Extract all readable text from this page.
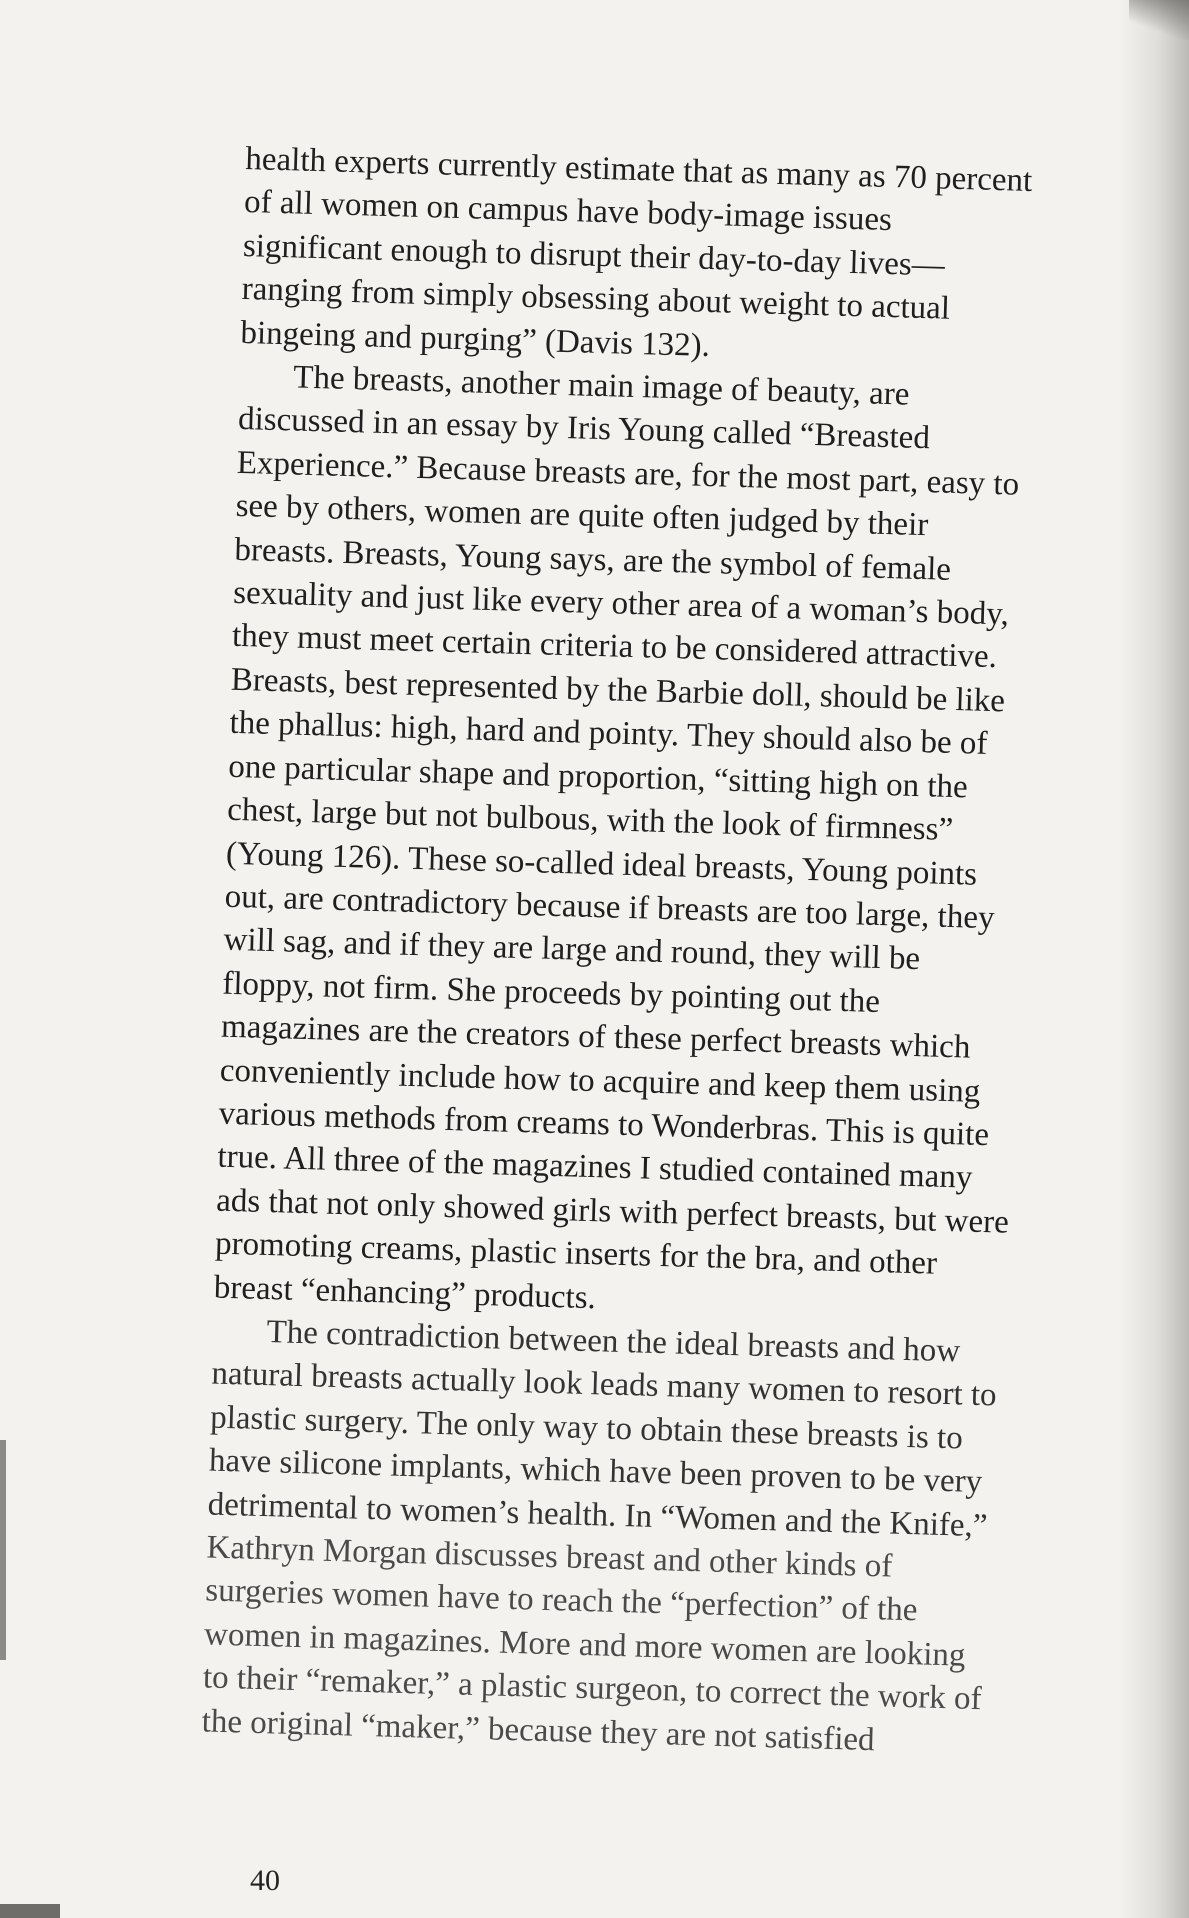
health experts currently estimate that as many as 70 percent
of all women on campus have body-image issues
significant enough to disrupt their day-to-day lives—
ranging from simply obsessing about weight to actual
bingeing and purging” (Davis 132).

The breasts, another main image of beauty, are
discussed in an essay by Iris Young called “Breasted
Experience.” Because breasts are, for the most part, easy to
see by others, women are quite often judged by their
breasts. Breasts, Young says, are the symbol of female
sexuality and just like every other area of a woman’s body,
they must meet certain criteria to be considered attractive.
Breasts, best represented by the Barbie doll, should be like
the phallus: high, hard and pointy. They should also be of
one particular shape and proportion, “sitting high on the
chest, large but not bulbous, with the look of firmness”
(Young 126). These so-called ideal breasts, Young points
out, are contradictory because if breasts are too large, they
will sag, and if they are large and round, they will be
floppy, not firm. She proceeds by pointing out the
magazines are the creators of these perfect breasts which
conveniently include how to acquire and keep them using
various methods from creams to Wonderbras. This is quite
true. All three of the magazines I studied contained many
ads that not only showed girls with perfect breasts, but were
promoting creams, plastic inserts for the bra, and other
breast “enhancing” products.

The contradiction between the ideal breasts and how
natural breasts actually look leads many women to resort to
plastic surgery. The only way to obtain these breasts is to
have silicone implants, which have been proven to be very
detrimental to women’s health. In “Women and the Knife,”

Kathryn Morgan discusses breast and other kinds of
surgeries women have to reach the “perfection” of the
women in magazines. More and more women are looking
to their “remaker,” a plastic surgeon, to correct the work of
the original “maker,” because they are not satisfied

40
